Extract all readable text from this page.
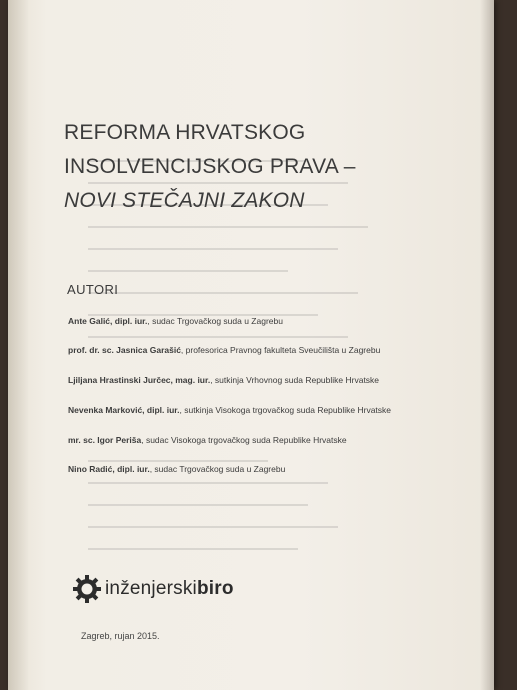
REFORMA HRVATSKOG
INSOLVENCIJSKOG PRAVA –
NOVI STEČAJNI ZAKON
AUTORI
Ante Galić, dipl. iur., sudac Trgovačkog suda u Zagrebu
prof. dr. sc. Jasnica Garašić, profesorica Pravnog fakulteta Sveučilišta u Zagrebu
Ljiljana Hrastinski Jurčec, mag. iur., sutkinja Vrhovnog suda Republike Hrvatske
Nevenka Marković, dipl. iur., sutkinja Visokoga trgovačkog suda Republike Hrvatske
mr. sc. Igor Periša, sudac Visokoga trgovačkog suda Republike Hrvatske
Nino Radić, dipl. iur., sudac Trgovačkog suda u Zagrebu
inženjerskibiro
Zagreb, rujan 2015.
